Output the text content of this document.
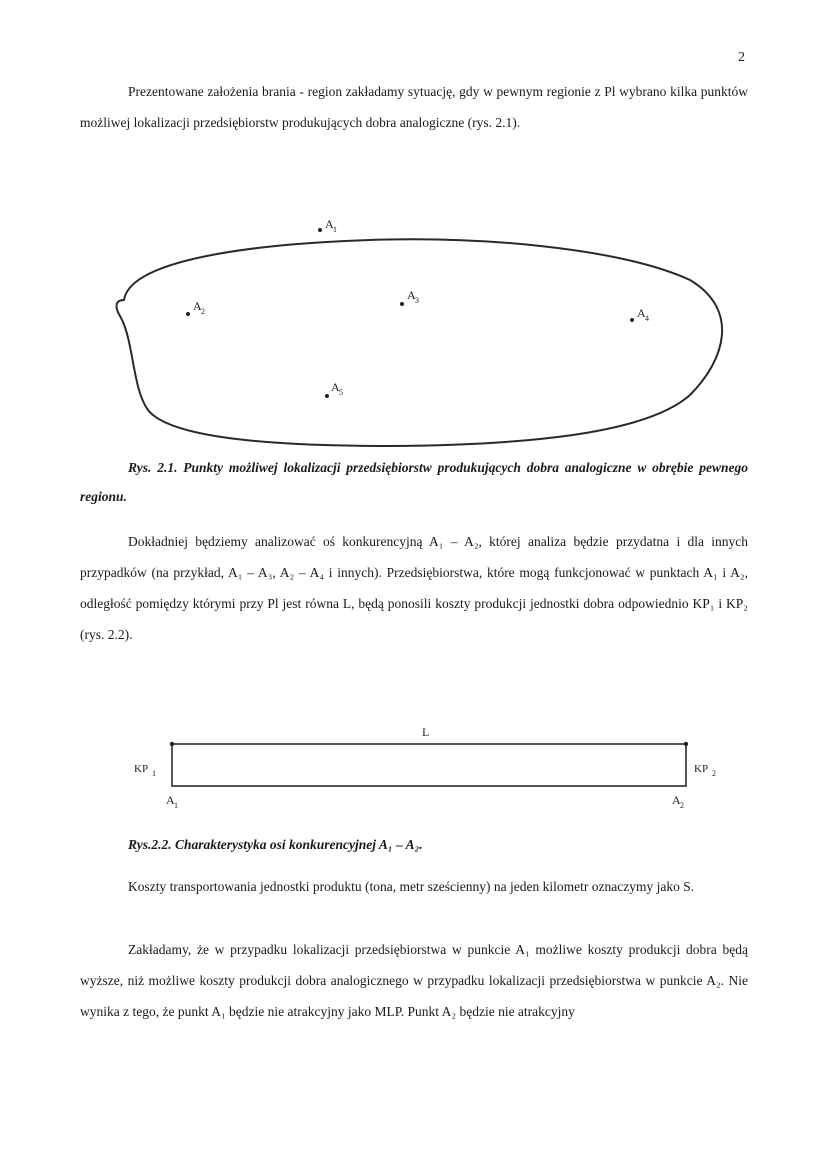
2

Prezentowane założenia brania - region zakładamy sytuację, gdy w pewnym regionie z Pl wybrano kilka punktów możliwej lokalizacji przedsiębiorstw produkujących dobra analogiczne (rys. 2.1).

A 1
A 2
A 3
A 4
A 5

Rys. 2.1. Punkty możliwej lokalizacji przedsiębiorstw produkujących dobra analogiczne w obrębie pewnego regionu.

Dokładniej będziemy analizować oś konkurencyjną A₁ – A₂, której analiza będzie przydatna i dla innych przypadków (na przykład, A₁ – A₃, A₂ – A₄ i innych). Przedsiębiorstwa, które mogą funkcjonować w punktach A₁ i A₂, odległość pomiędzy którymi przy Pl jest równa L, będą ponosili koszty produkcji jednostki dobra odpowiednio KP₁ i KP₂ (rys. 2.2).

L
KP 1	KP 2
A 1	A 2

Rys.2.2. Charakterystyka osi konkurencyjnej A₁ – A₂.

Koszty transportowania jednostki produktu (tona, metr sześcienny) na jeden kilometr oznaczymy jako S.

Zakładamy, że w przypadku lokalizacji przedsiębiorstwa w punkcie A₁ możliwe koszty produkcji dobra będą wyższe, niż możliwe koszty produkcji dobra analogicznego w przypadku lokalizacji przedsiębiorstwa w punkcie A₂. Nie wynika z tego, że punkt A₁ będzie nie atrakcyjny jako MLP. Punkt A₂ będzie nie atrakcyjny
